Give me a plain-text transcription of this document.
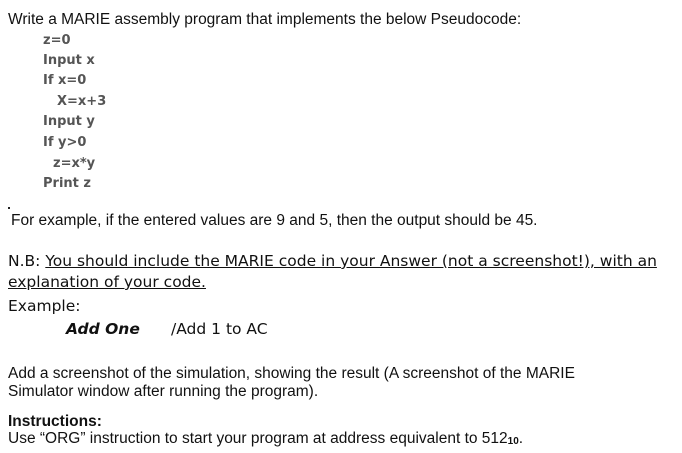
Write a MARIE assembly program that implements the below Pseudocode:
z=0
Input x
If x=0
X=x+3
Input y
If y>0
z=x*y
Print z
For example, if the entered values are 9 and 5, then the output should be 45.
N.B: You should include the MARIE code in your Answer (not a screenshot!), with an
explanation of your code.
Example:
Add One /Add 1 to AC
Add a screenshot of the simulation, showing the result (A screenshot of the MARIE
Simulator window after running the program).
Instructions:
Use “ORG” instruction to start your program at address equivalent to $512_{10}$.
